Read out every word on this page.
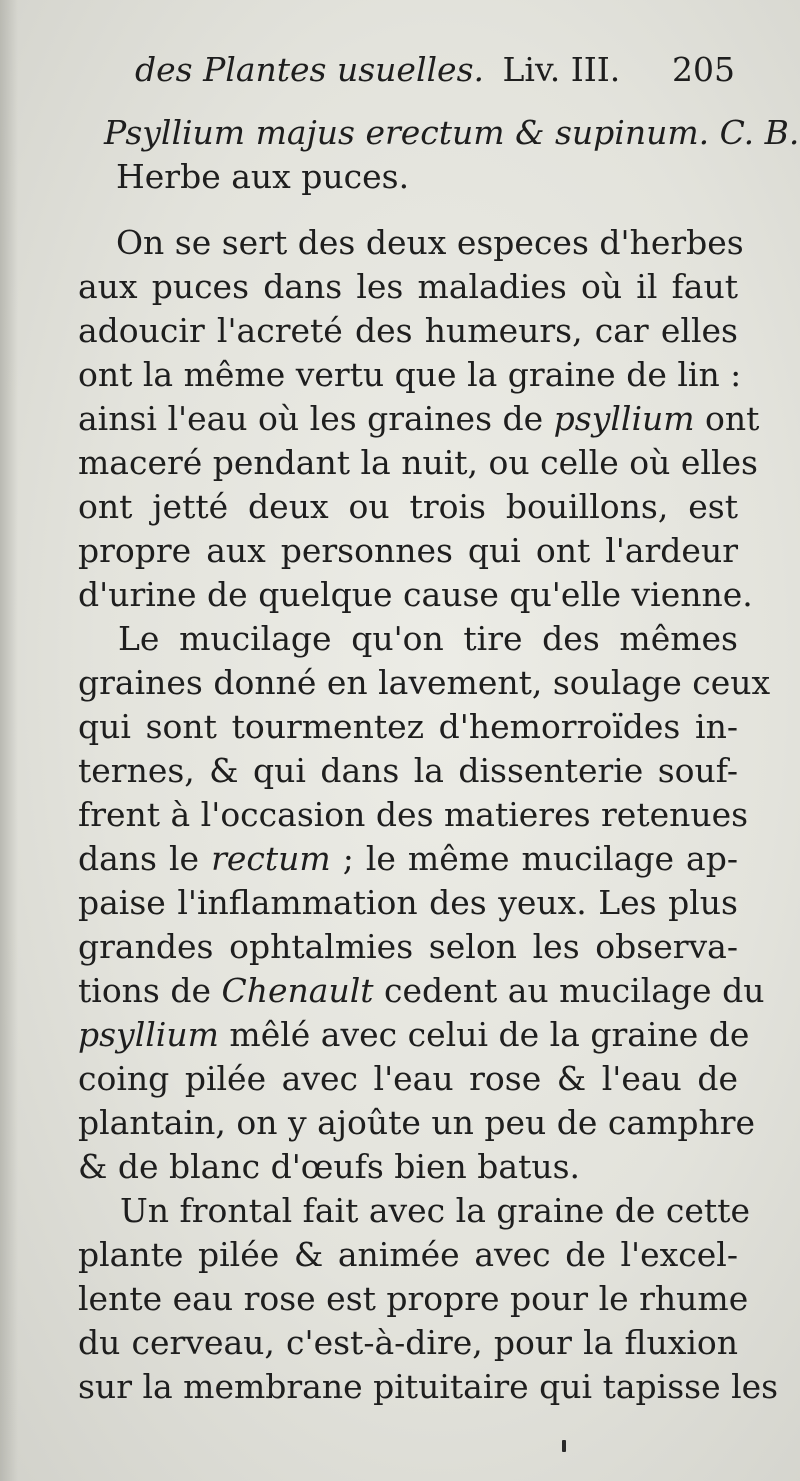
des Plantes usuelles. Liv. III. 205
Psyllium majus erectum & supinum. C. B.
Herbe aux puces.
On se sert des deux especes d'herbes
aux puces dans les maladies où il faut
adoucir l'acreté des humeurs, car elles
ont la même vertu que la graine de lin :
ainsi l'eau où les graines de psyllium ont
maceré pendant la nuit, ou celle où elles
ont jetté deux ou trois bouillons, est
propre aux personnes qui ont l'ardeur
d'urine de quelque cause qu'elle vienne.
Le mucilage qu'on tire des mêmes
graines donné en lavement, soulage ceux
qui sont tourmentez d'hemorroïdes in-
ternes, & qui dans la dissenterie souf-
frent à l'occasion des matieres retenues
dans le rectum ; le même mucilage ap-
paise l'inflammation des yeux. Les plus
grandes ophtalmies selon les observa-
tions de Chenault cedent au mucilage du
psyllium mêlé avec celui de la graine de
coing pilée avec l'eau rose & l'eau de
plantain, on y ajoûte un peu de camphre
& de blanc d'œufs bien batus.
Un frontal fait avec la graine de cette
plante pilée & animée avec de l'excel-
lente eau rose est propre pour le rhume
du cerveau, c'est-à-dire, pour la fluxion
sur la membrane pituitaire qui tapisse les
